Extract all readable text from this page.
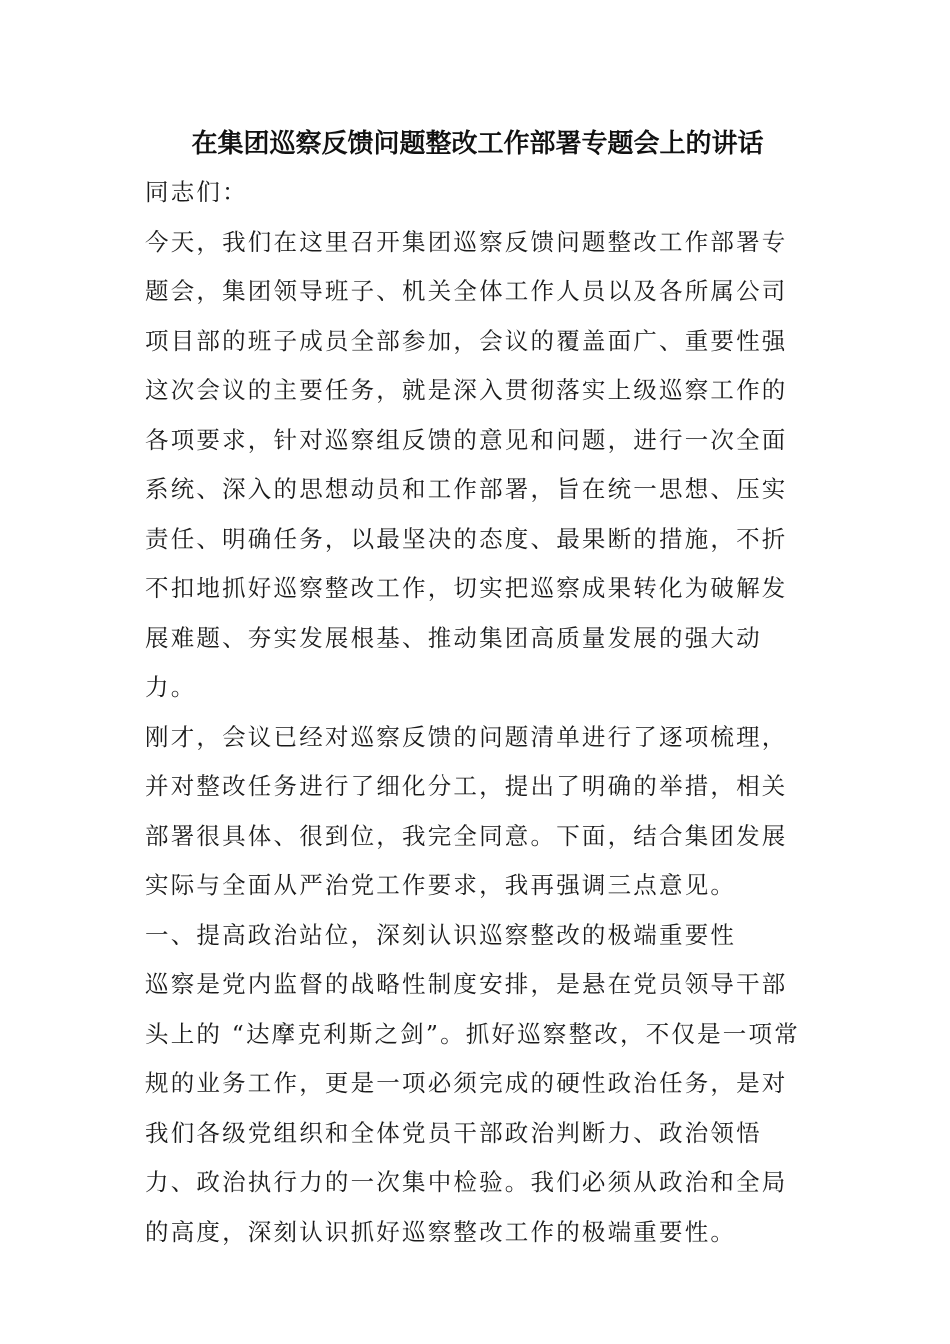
在集团巡察反馈问题整改工作部署专题会上的讲话

同志们：

今天，我们在这里召开集团巡察反馈问题整改工作部署专题会，集团领导班子、机关全体工作人员以及各所属公司项目部的班子成员全部参加，会议的覆盖面广、重要性强这次会议的主要任务，就是深入贯彻落实上级巡察工作的各项要求，针对巡察组反馈的意见和问题，进行一次全面系统、深入的思想动员和工作部署，旨在统一思想、压实责任、明确任务，以最坚决的态度、最果断的措施，不折不扣地抓好巡察整改工作，切实把巡察成果转化为破解发展难题、夯实发展根基、推动集团高质量发展的强大动力。

刚才，会议已经对巡察反馈的问题清单进行了逐项梳理，并对整改任务进行了细化分工，提出了明确的举措，相关部署很具体、很到位，我完全同意。下面，结合集团发展实际与全面从严治党工作要求，我再强调三点意见。

一、提高政治站位，深刻认识巡察整改的极端重要性

巡察是党内监督的战略性制度安排，是悬在党员领导干部头上的 “达摩克利斯之剑”。抓好巡察整改，不仅是一项常规的业务工作，更是一项必须完成的硬性政治任务，是对我们各级党组织和全体党员干部政治判断力、政治领悟力、政治执行力的一次集中检验。我们必须从政治和全局的高度，深刻认识抓好巡察整改工作的极端重要性。
